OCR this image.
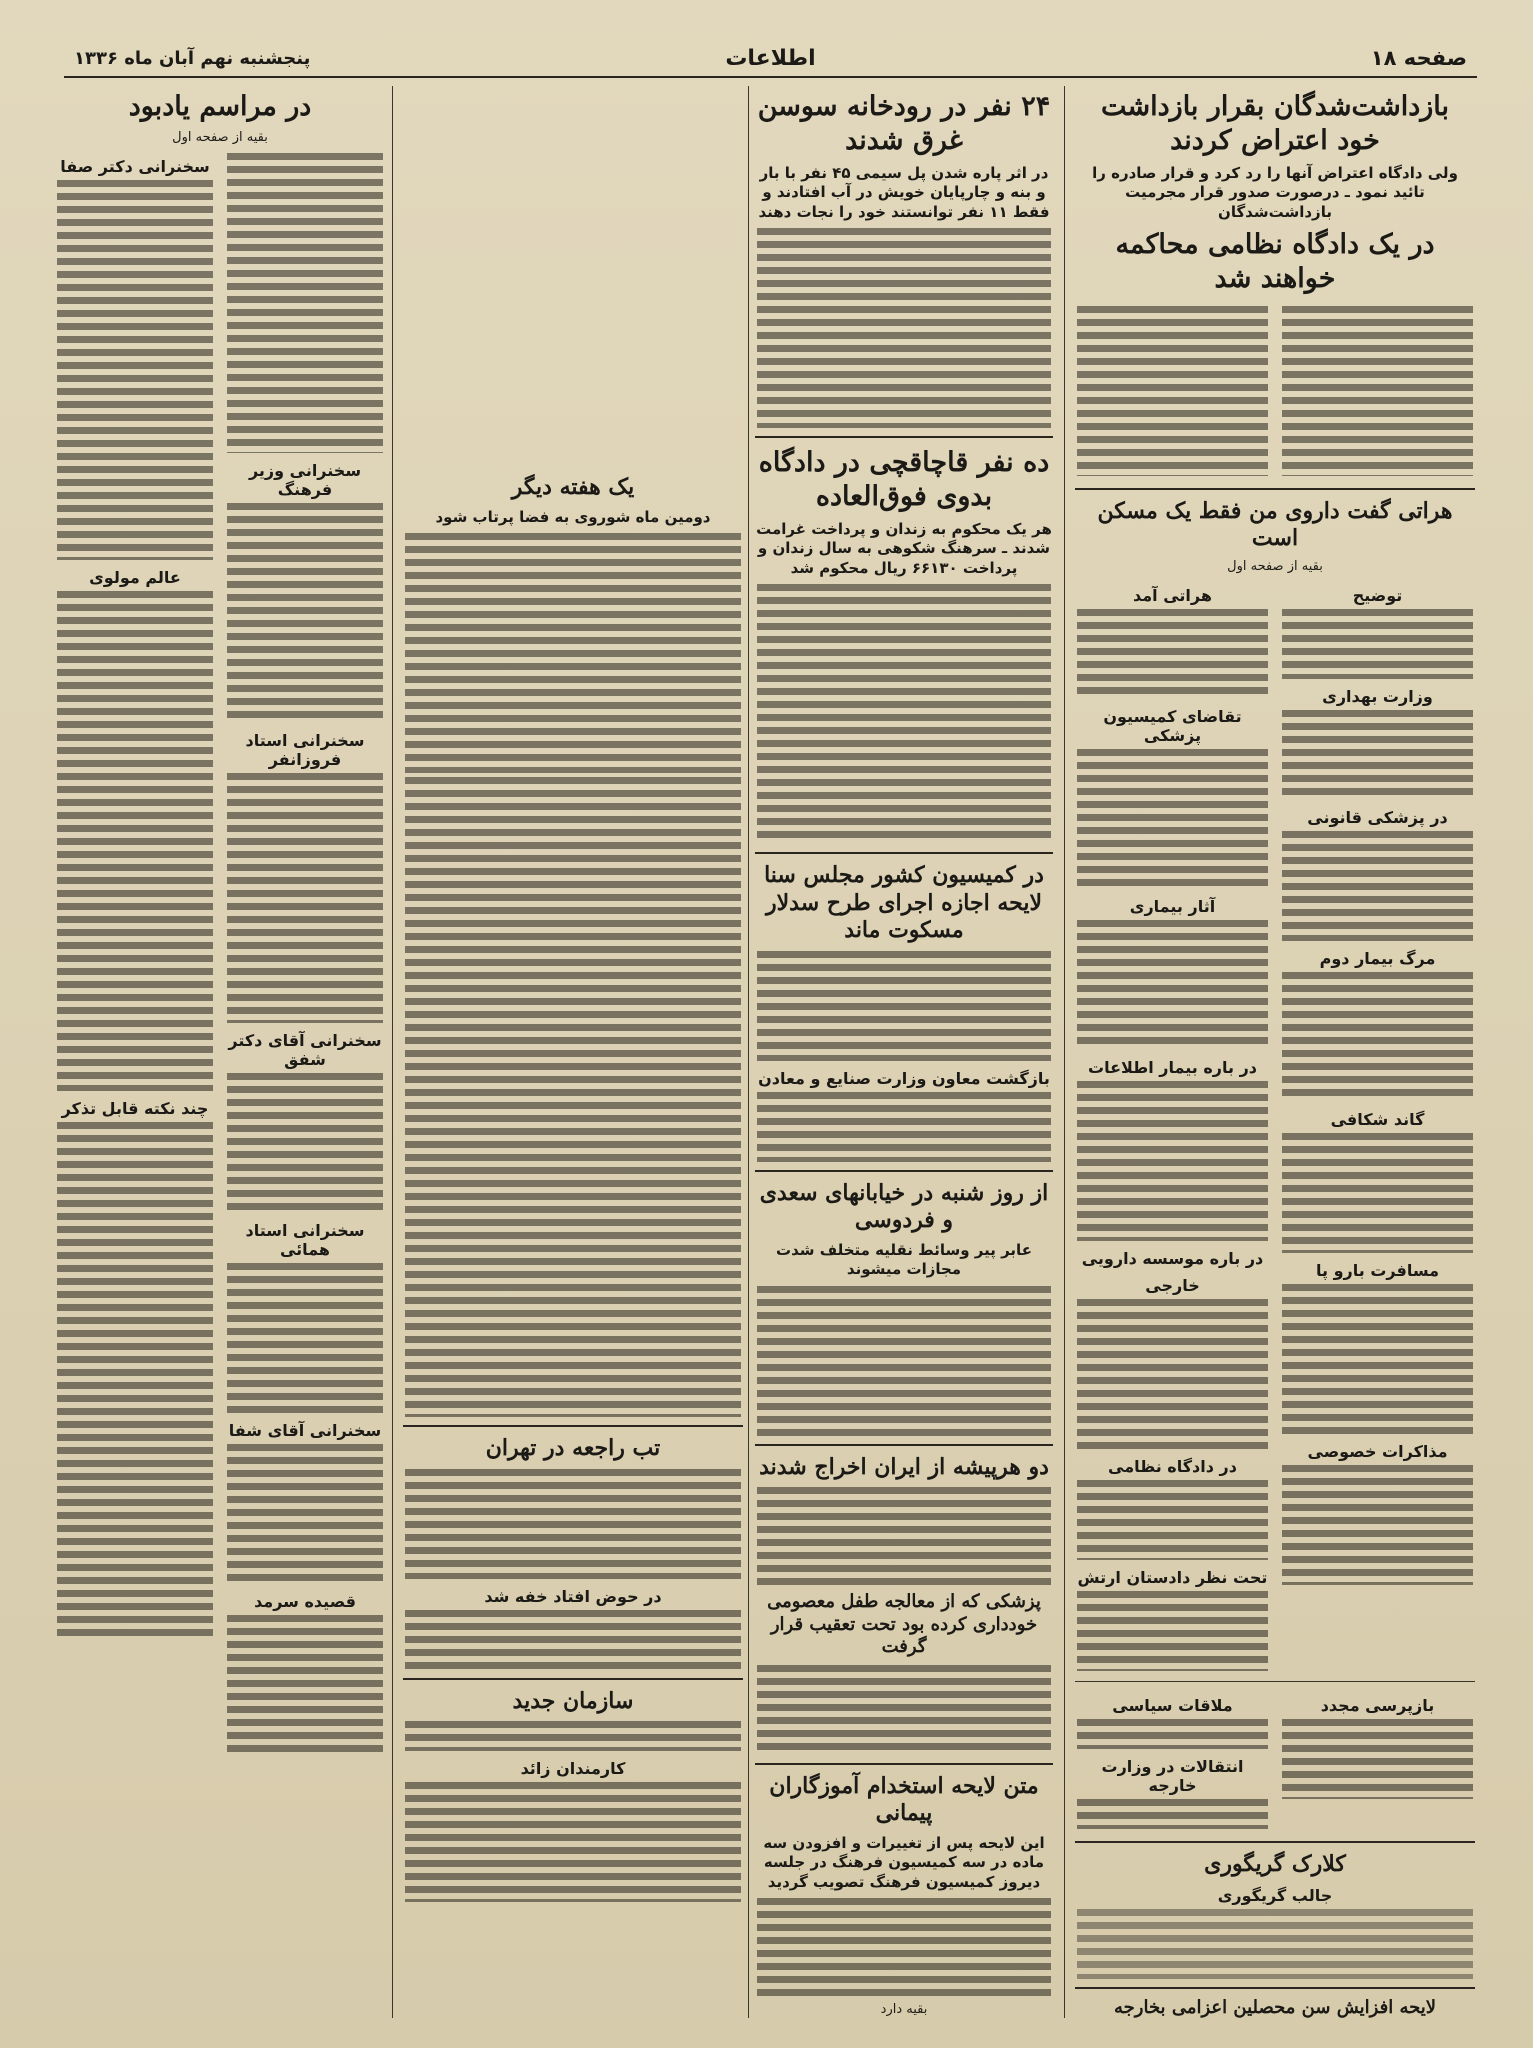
صفحه ۱۸
اطلاعات
پنجشنبه نهم آبان ماه ۱۳۳۶
بازداشت‌شدگان بقرار بازداشت خود اعتراض کردند
ولی دادگاه اعتراض آنها را رد کرد و قرار صادره را تائید نمود ـ درصورت صدور قرار مجرمیت بازداشت‌شدگان
در یک دادگاه نظامی محاکمه خواهند شد
هراتی گفت داروی من فقط یک مسکن است
بقیه از صفحه اول
توضیح
وزارت بهداری
در پزشکی قانونی
مرگ بیمار دوم
گاند شکافی
مسافرت بارو پا
مذاکرات خصوصی
هراتی آمد
تقاضای کمیسیون پزشکی
آثار بیماری
در باره بیمار اطلاعات
در باره موسسه دارویی
خارجی
در دادگاه نظامی
تحت نظر دادستان ارتش
بازپرسی مجدد
ملاقات سیاسی
انتقالات در وزارت خارجه
کلارک گریگوری
جالب گریگوری
لایحه افزایش سن محصلین اعزامی بخارجه
۲۴ نفر در رودخانه سوسن غرق شدند
در اثر پاره شدن پل سیمی ۴۵ نفر با بار و بنه و چارپایان خویش در آب افتادند و فقط ۱۱ نفر توانستند خود را نجات دهند
ده نفر قاچاقچی در دادگاه بدوی فوق‌العاده
هر یک محکوم به زندان و پرداخت غرامت شدند ـ سرهنگ شکوهی به سال زندان و پرداخت ۶۶۱۳۰ ریال محکوم شد
در کمیسیون کشور مجلس سنا لایحه اجازه اجرای طرح سدلار مسکوت ماند
بازگشت معاون وزارت صنایع و معادن
از روز شنبه در خیابانهای سعدی و فردوسی
عابر پیر وسائط نقلیه متخلف شدت مجازات میشوند
دو هرپیشه از ایران اخراج شدند
پزشکی که از معالجه طفل معصومی خودداری کرده بود تحت تعقیب قرار گرفت
متن لایحه استخدام آموزگاران پیمانی
این لایحه پس از تغییرات و افزودن سه ماده در سه کمیسیون فرهنگ در جلسه دیروز کمیسیون فرهنگ تصویب گردید
بقیه دارد
یک هفته دیگر
دومین ماه شوروی به فضا پرتاب شود
تب راجعه در تهران
در حوض افتاد خفه شد
سازمان جدید
کارمندان زائد
در مراسم یادبود
بقیه از صفحه اول
سخنرانی وزیر فرهنگ
سخنرانی استاد فروزانفر
سخنرانی آقای دکتر شفق
سخنرانی استاد همائی
سخنرانی آقای شفا
قصیده سرمد
سخنرانی دکتر صفا
عالم مولوی
چند نکته قابل تذکر
